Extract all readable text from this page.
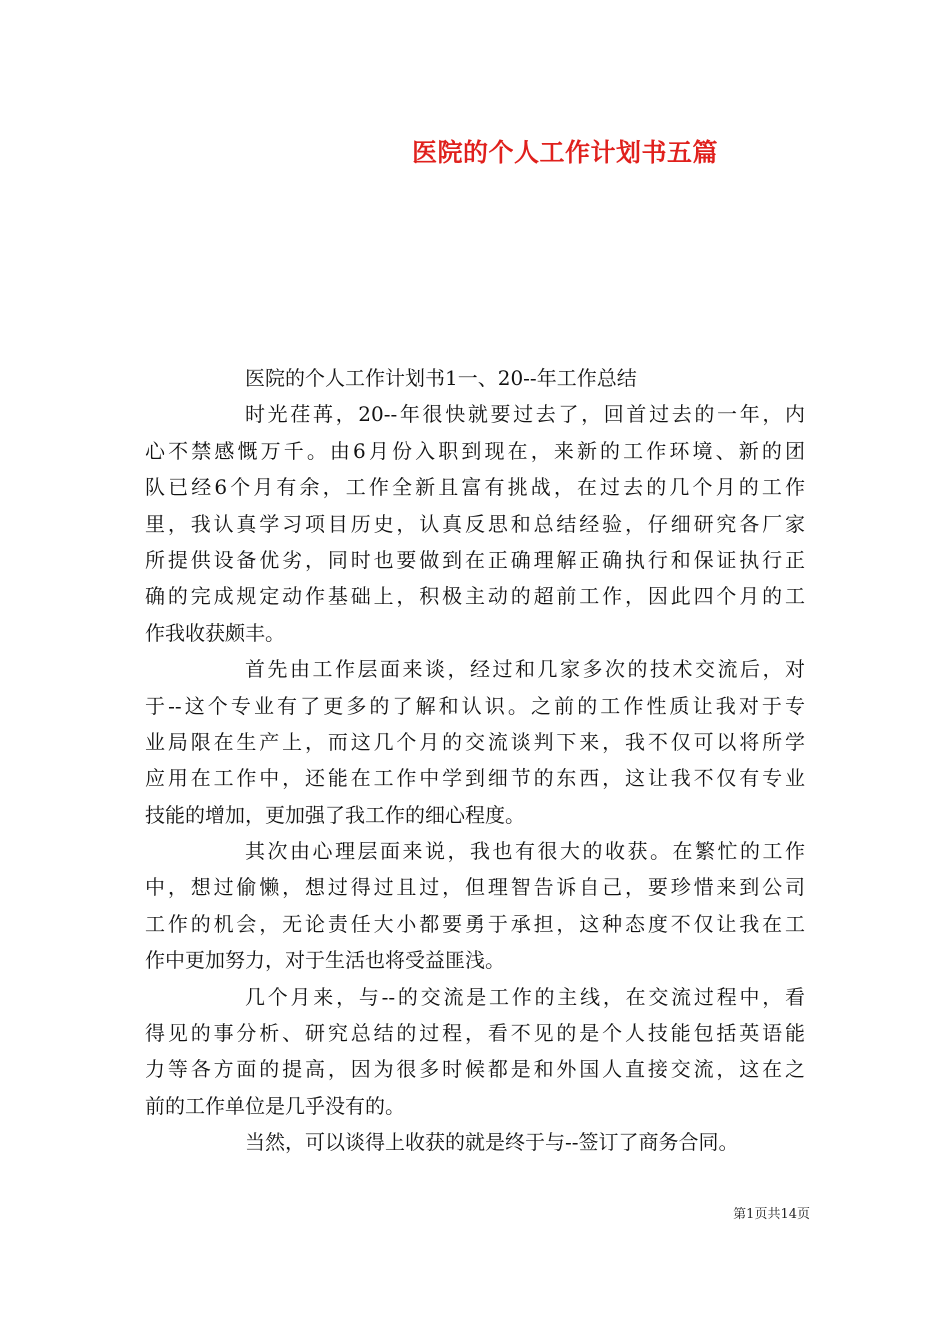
医院的个人工作计划书五篇
医院的个人工作计划书1一、20--年工作总结
时光荏苒，20--年很快就要过去了，回首过去的一年，内
心不禁感慨万千。由6月份入职到现在，来新的工作环境、新的团
队已经6个月有余，工作全新且富有挑战，在过去的几个月的工作
里，我认真学习项目历史，认真反思和总结经验，仔细研究各厂家
所提供设备优劣，同时也要做到在正确理解正确执行和保证执行正
确的完成规定动作基础上，积极主动的超前工作，因此四个月的工
作我收获颇丰。
首先由工作层面来谈，经过和几家多次的技术交流后，对
于--这个专业有了更多的了解和认识。之前的工作性质让我对于专
业局限在生产上，而这几个月的交流谈判下来，我不仅可以将所学
应用在工作中，还能在工作中学到细节的东西，这让我不仅有专业
技能的增加，更加强了我工作的细心程度。
其次由心理层面来说，我也有很大的收获。在繁忙的工作
中，想过偷懒，想过得过且过，但理智告诉自己，要珍惜来到公司
工作的机会，无论责任大小都要勇于承担，这种态度不仅让我在工
作中更加努力，对于生活也将受益匪浅。
几个月来，与--的交流是工作的主线，在交流过程中，看
得见的事分析、研究总结的过程，看不见的是个人技能包括英语能
力等各方面的提高，因为很多时候都是和外国人直接交流，这在之
前的工作单位是几乎没有的。
当然，可以谈得上收获的就是终于与--签订了商务合同。
第1页共14页
